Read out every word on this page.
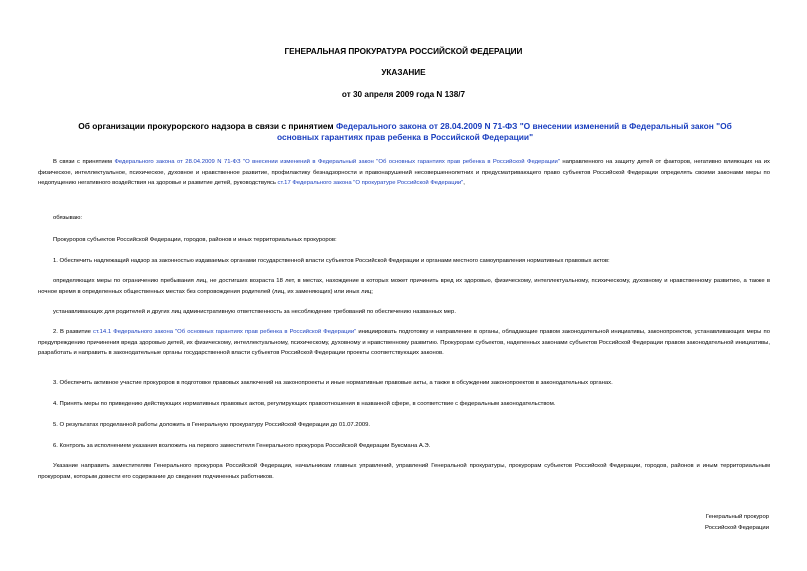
ГЕНЕРАЛЬНАЯ ПРОКУРАТУРА РОССИЙСКОЙ ФЕДЕРАЦИИ
УКАЗАНИЕ
от 30 апреля 2009 года N 138/7
Об организации прокурорского надзора в связи с принятием Федерального закона от 28.04.2009 N 71-ФЗ "О внесении изменений в Федеральный закон "Об основных гарантиях прав ребенка в Российской Федерации"
В связи с принятием Федерального закона от 28.04.2009 N 71-ФЗ "О внесении изменений в Федеральный закон "Об основных гарантиях прав ребенка в Российской Федерации" направленного на защиту детей от факторов, негативно влияющих на их физическое, интеллектуальное, психическое, духовное и нравственное развитие, профилактику безнадзорности и правонарушений несовершеннолетних и предусматривающего право субъектов Российской Федерации определять своими законами меры по недопущению негативного воздействия на здоровье и развитие детей, руководствуясь ст.17 Федерального закона "О прокуратуре Российской Федерации",
обязываю:
Прокуроров субъектов Российской Федерации, городов, районов и иных территориальных прокуроров:
1. Обеспечить надлежащий надзор за законностью издаваемых органами государственной власти субъектов Российской Федерации и органами местного самоуправления нормативных правовых актов:
определяющих меры по ограничению пребывания лиц, не достигших возраста 18 лет, в местах, нахождение в которых может причинить вред их здоровью, физическому, интеллектуальному, психическому, духовному и нравственному развитию, а также в ночное время в определенных общественных местах без сопровождения родителей (лиц, их заменяющих) или иных лиц;
устанавливающих для родителей и других лиц административную ответственность за несоблюдение требований по обеспечению названных мер.
2. В развитие ст.14.1 Федерального закона "Об основных гарантиях прав ребенка в Российской Федерации" инициировать подготовку и направление в органы, обладающие правом законодательной инициативы, законопроектов, устанавливающих меры по предупреждению причинения вреда здоровью детей, их физическому, интеллектуальному, психическому, духовному и нравственному развитию. Прокурорам субъектов, наделенных законами субъектов Российской Федерации правом законодательной инициативы, разработать и направить в законодательные органы государственной власти субъектов Российской Федерации проекты соответствующих законов.
3. Обеспечить активное участие прокуроров в подготовке правовых заключений на законопроекты и иные нормативные правовые акты, а также в обсуждении законопроектов в законодательных органах.
4. Принять меры по приведению действующих нормативных правовых актов, регулирующих правоотношения в названной сфере, в соответствие с федеральным законодательством.
5. О результатах проделанной работы доложить в Генеральную прокуратуру Российской Федерации до 01.07.2009.
6. Контроль за исполнением указания возложить на первого заместителя Генерального прокурора Российской Федерации Буксмана А.Э.
Указание направить заместителям Генерального прокурора Российской Федерации, начальникам главных управлений, управлений Генеральной прокуратуры, прокурорам субъектов Российской Федерации, городов, районов и иным территориальным прокурорам, которым довести его содержание до сведения подчиненных работников.
Генеральный прокурор
Российской Федерации
